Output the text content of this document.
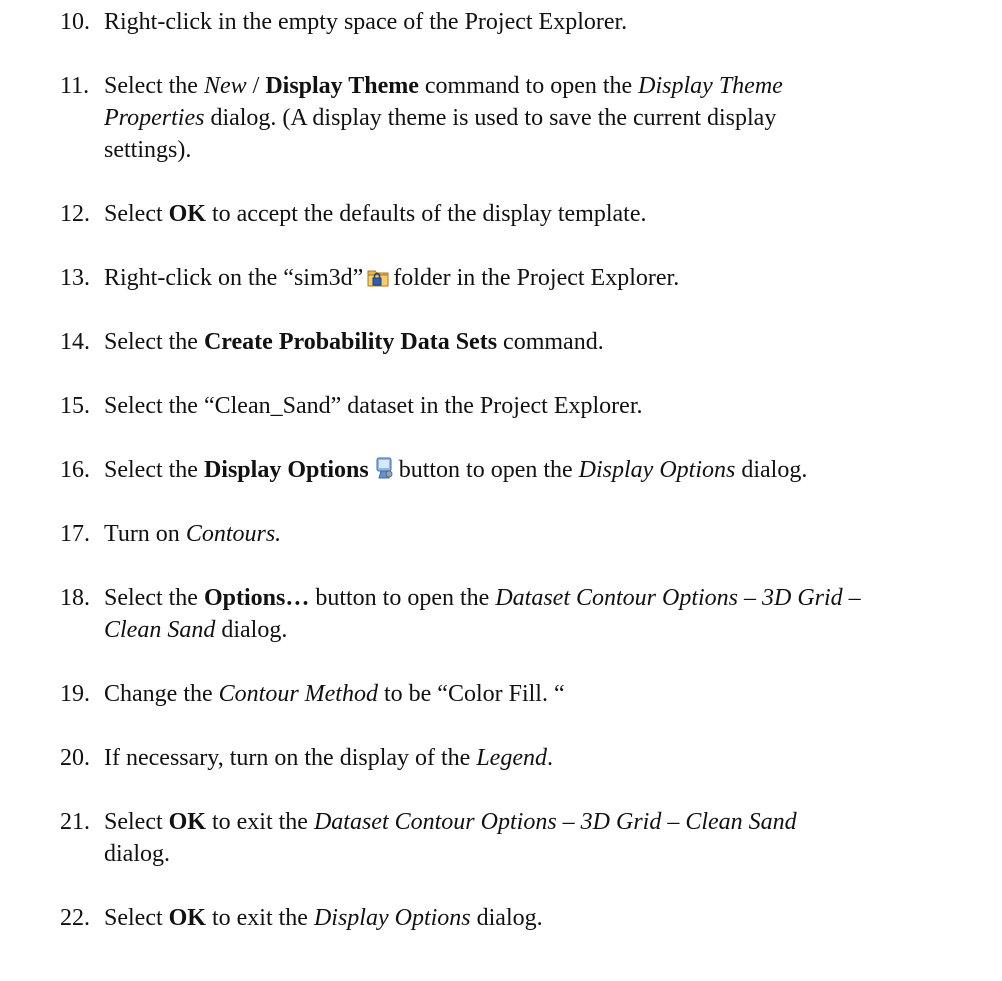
10. Right-click in the empty space of the Project Explorer.

11. Select the New / Display Theme command to open the Display Theme
Properties dialog. (A display theme is used to save the current display
settings).

12. Select OK to accept the defaults of the display template.

13. Right-click on the “sim3d” folder in the Project Explorer.

14. Select the Create Probability Data Sets command.

15. Select the “Clean_Sand” dataset in the Project Explorer.

16. Select the Display Options button to open the Display Options dialog.

17. Turn on Contours.

18. Select the Options… button to open the Dataset Contour Options – 3D Grid –
Clean Sand dialog.

19. Change the Contour Method to be “Color Fill. “

20. If necessary, turn on the display of the Legend.

21. Select OK to exit the Dataset Contour Options – 3D Grid – Clean Sand
dialog.

22. Select OK to exit the Display Options dialog.
